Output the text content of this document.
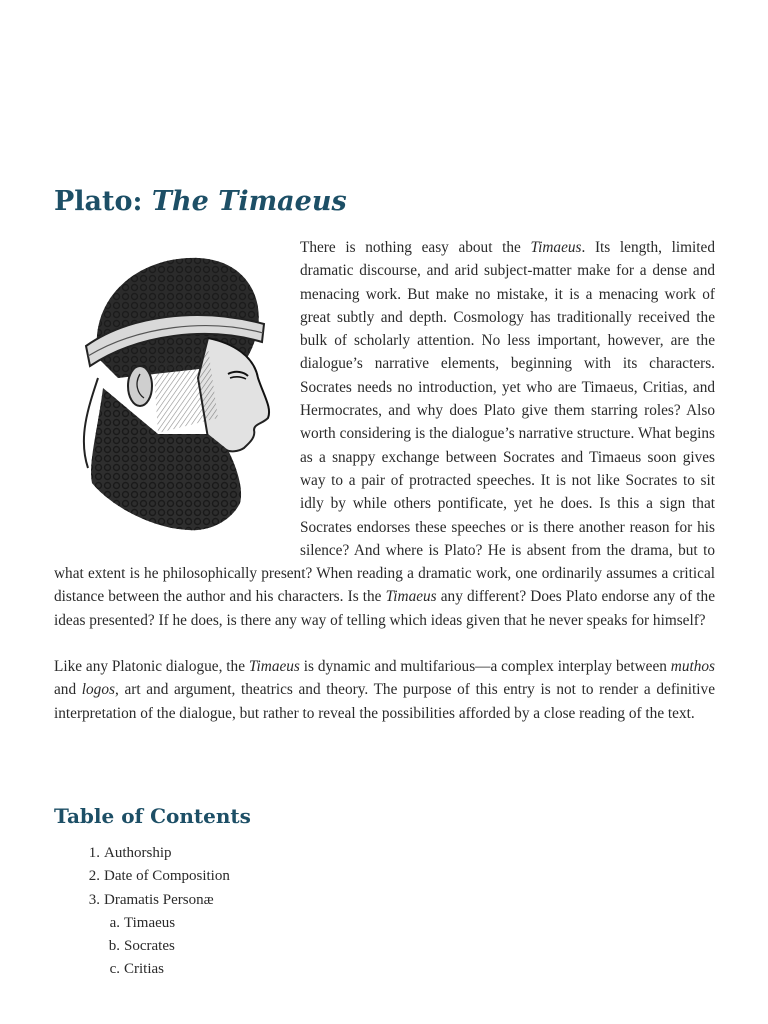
Plato: The Timaeus

There is nothing easy about the Timaeus. Its length, limited dramatic discourse, and arid subject-matter make for a dense and menacing work. But make no mistake, it is a menacing work of great subtly and depth. Cosmology has traditionally received the bulk of scholarly attention. No less important, however, are the dialogue’s narrative elements, beginning with its characters. Socrates needs no introduction, yet who are Timaeus, Critias, and Hermocrates, and why does Plato give them starring roles? Also worth considering is the dialogue’s narrative structure. What begins as a snappy exchange between Socrates and Timaeus soon gives way to a pair of protracted speeches. It is not like Socrates to sit idly by while others pontificate, yet he does. Is this a sign that Socrates endorses these speeches or is there another reason for his silence? And where is Plato? He is absent from the drama, but to what extent is he philosophically present? When reading a dramatic work, one ordinarily assumes a critical distance between the author and his characters. Is the Timaeus any different? Does Plato endorse any of the ideas presented? If he does, is there any way of telling which ideas given that he never speaks for himself?

Like any Platonic dialogue, the Timaeus is dynamic and multifarious—a complex interplay between muthos and logos, art and argument, theatrics and theory. The purpose of this entry is not to render a definitive interpretation of the dialogue, but rather to reveal the possibilities afforded by a close reading of the text.

Table of Contents
1. Authorship
2. Date of Composition
3. Dramatis Personæ
a. Timaeus
b. Socrates
c. Critias
